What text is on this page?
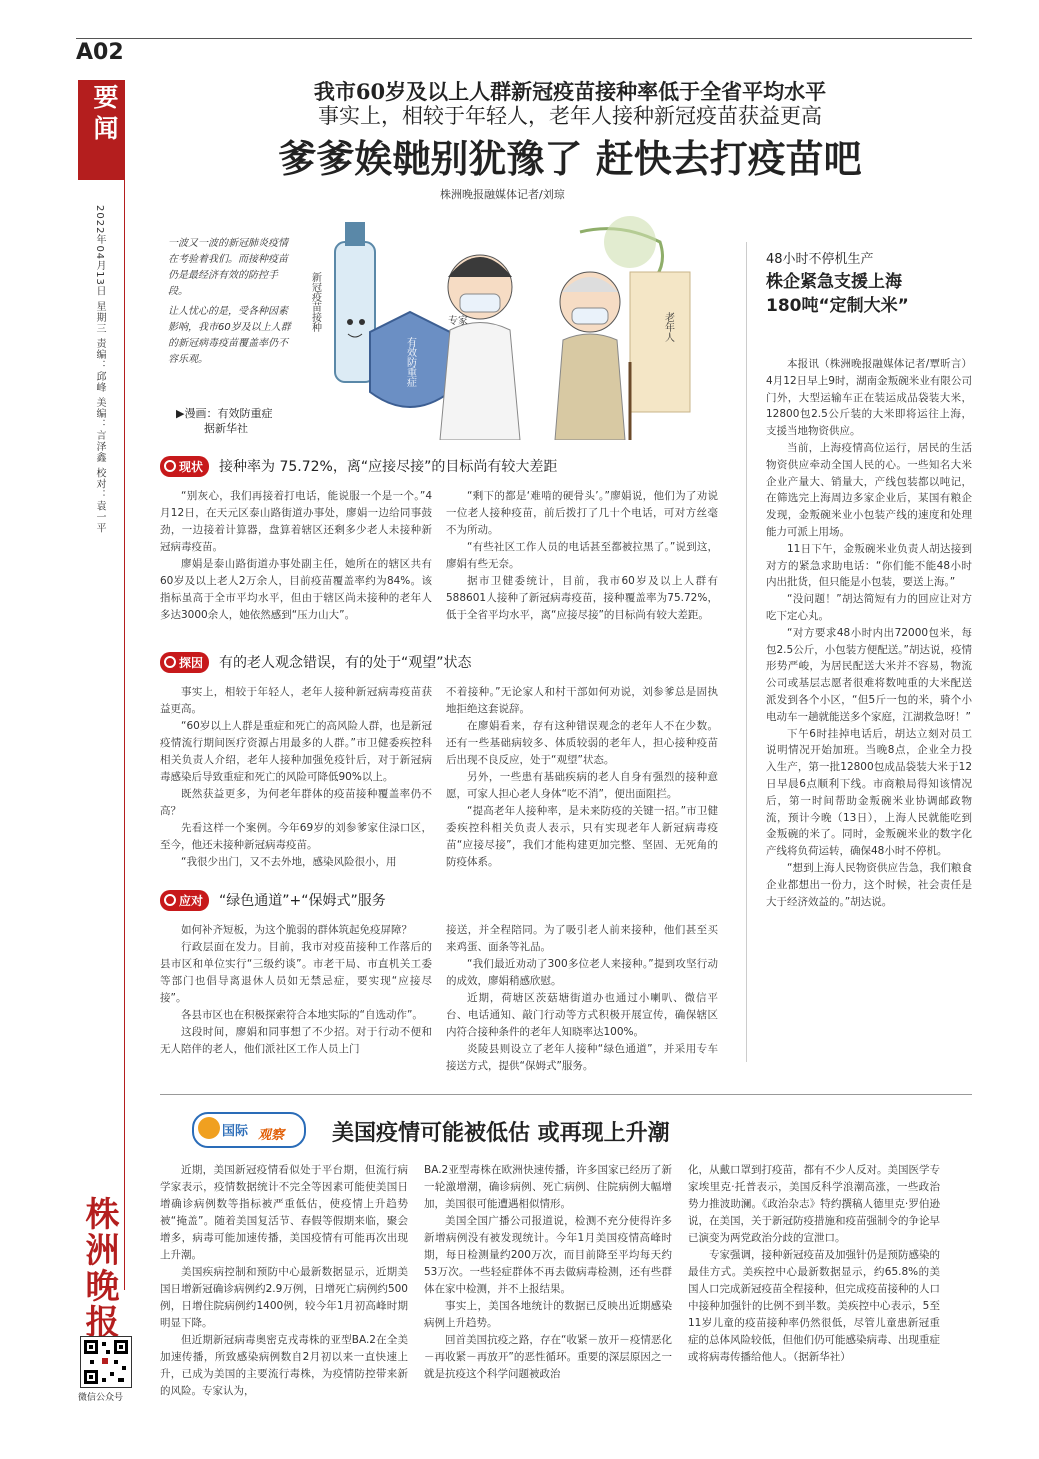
A02
要闻
2022年04月13日 星期三 责编：邱峰 美编：言泽鑫 校对：袁一平
我市60岁及以上人群新冠疫苗接种率低于全省平均水平
事实上，相较于年轻人，老年人接种新冠疫苗获益更高
爹爹娭毑别犹豫了 赶快去打疫苗吧
株洲晚报融媒体记者/刘琼
新冠疫苗接种
有效防重症
专家	老年人
一波又一波的新冠肺炎疫情在考验着我们。而接种疫苗仍是最经济有效的防控手段。
让人忧心的是，受各种因素影响，我市60岁及以上人群的新冠病毒疫苗覆盖率仍不容乐观。
▶漫画：有效防重症
据新华社
现状 接种率为 75.72%，离“应接尽接”的目标尚有较大差距

“别灰心，我们再接着打电话，能说服一个是一个。”4月12日，在天元区泰山路街道办事处，廖娟一边给同事鼓劲，一边接着计算器，盘算着辖区还剩多少老人未接种新冠病毒疫苗。

廖娟是泰山路街道办事处副主任，她所在的辖区共有60岁及以上老人2万余人，目前疫苗覆盖率约为84%。该指标虽高于全市平均水平，但由于辖区尚未接种的老年人多达3000余人，她依然感到“压力山大”。

“剩下的都是‘难啃的硬骨头’。”廖娟说，他们为了劝说一位老人接种疫苗，前后拨打了几十个电话，可对方丝毫不为所动。

“有些社区工作人员的电话甚至都被拉黑了。”说到这，廖娟有些无奈。

据市卫健委统计，目前，我市60岁及以上人群有588601人接种了新冠病毒疫苗，接种覆盖率为75.72%，低于全省平均水平，离“应接尽接”的目标尚有较大差距。

探因 有的老人观念错误，有的处于“观望”状态

事实上，相较于年轻人，老年人接种新冠病毒疫苗获益更高。

“60岁以上人群是重症和死亡的高风险人群，也是新冠疫情流行期间医疗资源占用最多的人群。”市卫健委疾控科相关负责人介绍，老年人接种加强免疫针后，对于新冠病毒感染后导致重症和死亡的风险可降低90%以上。

既然获益更多，为何老年群体的疫苗接种覆盖率仍不高？

先看这样一个案例。今年69岁的刘参爹家住渌口区，至今，他还未接种新冠病毒疫苗。

“我很少出门，又不去外地，感染风险很小，用

不着接种。”无论家人和村干部如何劝说，刘参爹总是固执地拒绝这套说辞。

在廖娟看来，存有这种错误观念的老年人不在少数。还有一些基础病较多、体质较弱的老年人，担心接种疫苗后出现不良反应，处于“观望”状态。

另外，一些患有基础疾病的老人自身有强烈的接种意愿，可家人担心老人身体“吃不消”，便出面阻拦。

“提高老年人接种率，是未来防疫的关键一招。”市卫健委疾控科相关负责人表示，只有实现老年人新冠病毒疫苗“应接尽接”，我们才能构建更加完整、坚固、无死角的防疫体系。

应对 “绿色通道”+“保姆式”服务

如何补齐短板，为这个脆弱的群体筑起免疫屏障？

行政层面在发力。目前，我市对疫苗接种工作落后的县市区和单位实行“三级约谈”。市老干局、市直机关工委等部门也倡导离退休人员如无禁忌症，要实现“应接尽接”。

各县市区也在积极探索符合本地实际的“自选动作”。

这段时间，廖娟和同事想了不少招。对于行动不便和无人陪伴的老人，他们派社区工作人员上门

接送，并全程陪同。为了吸引老人前来接种，他们甚至买来鸡蛋、面条等礼品。

“我们最近劝动了300多位老人来接种。”提到攻坚行动的成效，廖娟稍感欣慰。

近期，荷塘区茨菇塘街道办也通过小喇叭、微信平台、电话通知、敲门行动等方式积极开展宣传，确保辖区内符合接种条件的老年人知晓率达100%。

炎陵县则设立了老年人接种“绿色通道”，并采用专车接送方式，提供“保姆式”服务。

48小时不停机生产
株企紧急支援上海
180吨“定制大米”

本报讯（株洲晚报融媒体记者/覃昕言）4月12日早上9时，湖南金叛碗米业有限公司门外，大型运输车正在装运成品袋装大米，12800包2.5公斤装的大米即将运往上海，支援当地物资供应。

当前，上海疫情高位运行，居民的生活物资供应牵动全国人民的心。一些知名大米企业产量大、销量大，产线包装都以吨记，在筛选完上海周边多家企业后，某国有粮企发现，金叛碗米业小包装产线的速度和处理能力可派上用场。

11日下午，金叛碗米业负责人胡达接到对方的紧急求助电话：“你们能不能48小时内出批货，但只能是小包装，要送上海。”

“没问题！”胡达简短有力的回应让对方吃下定心丸。

“对方要求48小时内出72000包米，每包2.5公斤，小包装方便配送。”胡达说，疫情形势严峻，为居民配送大米并不容易，物流公司或基层志愿者很难将数吨重的大米配送派发到各个小区，“但5斤一包的米，骑个小电动车一趟就能送多个家庭，江湖救急呀！”

下午6时挂掉电话后，胡达立刻对员工说明情况开始加班。当晚8点，企业全力投入生产，第一批12800包成品袋装大米于12日早晨6点顺利下线。市商粮局得知该情况后，第一时间帮助金叛碗米业协调邮政物流，预计今晚（13日），上海人民就能吃到金叛碗的米了。同时，金叛碗米业的数字化产线将负荷运转，确保48小时不停机。

“想到上海人民物资供应告急，我们粮食企业都想出一份力，这个时候，社会责任是大于经济效益的。”胡达说。

国际 观察 美国疫情可能被低估 或再现上升潮

近期，美国新冠疫情看似处于平台期，但流行病学家表示，疫情数据统计不完全等因素可能使美国日增确诊病例数等指标被严重低估，使疫情上升趋势被“掩盖”。随着美国复活节、春假等假期来临，聚会增多，病毒可能加速传播，美国疫情有可能再次出现上升潮。

美国疾病控制和预防中心最新数据显示，近期美国日增新冠确诊病例约2.9万例，日增死亡病例约500例，日增住院病例约1400例，较今年1月初高峰时期明显下降。

但近期新冠病毒奥密克戎毒株的亚型BA.2在全美加速传播，所致感染病例数自2月初以来一直快速上升，已成为美国的主要流行毒株，为疫情防控带来新的风险。专家认为，

BA.2亚型毒株在欧洲快速传播，许多国家已经历了新一轮激增潮，确诊病例、死亡病例、住院病例大幅增加，美国很可能遭遇相似情形。

美国全国广播公司报道说，检测不充分使得许多新增病例没有被发现统计。今年1月美国疫情高峰时期，每日检测量约200万次，而目前降至平均每天约53万次。一些轻症群体不再去做病毒检测，还有些群体在家中检测，并不上报结果。

事实上，美国各地统计的数据已反映出近期感染病例上升趋势。

回首美国抗疫之路，存在“收紧－放开－疫情恶化－再收紧－再放开”的恶性循环。重要的深层原因之一就是抗疫这个科学问题被政治

化，从戴口罩到打疫苗，都有不少人反对。美国医学专家埃里克·托普表示，美国反科学浪潮高涨，一些政治势力推波助澜。《政治杂志》特约撰稿人德里克·罗伯逊说，在美国，关于新冠防疫措施和疫苗强制令的争论早已演变为两党政治分歧的宣泄口。

专家强调，接种新冠疫苗及加强针仍是预防感染的最佳方式。美疾控中心最新数据显示，约65.8%的美国人口完成新冠疫苗全程接种，但完成疫苗接种的人口中接种加强针的比例不到半数。美疾控中心表示，5至11岁儿童的疫苗接种率仍然很低，尽管儿童患新冠重症的总体风险较低，但他们仍可能感染病毒、出现重症或将病毒传播给他人。（据新华社）

株洲晚报
微信公众号
